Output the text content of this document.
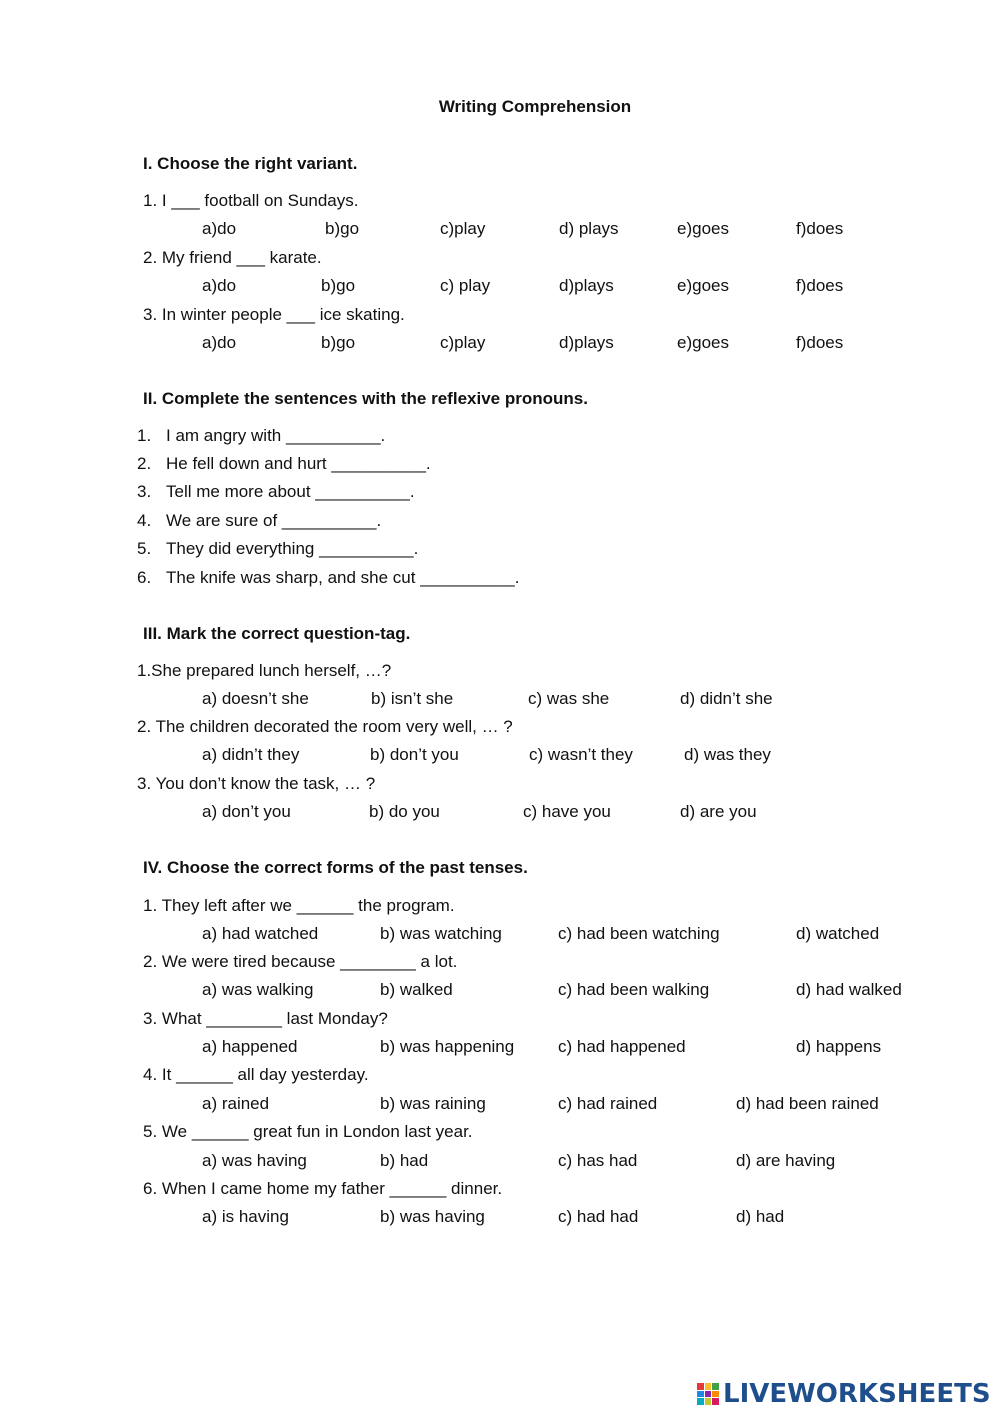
Writing Comprehension
I. Choose the right variant.
1. I ___ football on Sundays.
a)do	b)go	c)play	d) plays	e)goes	f)does
2. My friend ___ karate.
a)do	b)go	c) play	d)plays	e)goes	f)does
3. In winter people ___ ice skating.
a)do	b)go	c)play	d)plays	e)goes	f)does
II. Complete the sentences with the reflexive pronouns.
1. I am angry with __________.
2. He fell down and hurt __________.
3. Tell me more about __________.
4. We are sure of __________.
5. They did everything __________.
6. The knife was sharp, and she cut __________.
III. Mark the correct question-tag.
1.She prepared lunch herself, …?
a) doesn’t she	b) isn’t she	c) was she	d) didn’t she
2. The children decorated the room very well, … ?
a) didn’t they	b) don’t you	c) wasn’t they	d) was they
3. You don’t know the task, … ?
a) don’t you	b) do you	c) have you	d) are you
IV. Choose the correct forms of the past tenses.
1. They left after we ______ the program.
a) had watched	b) was watching	c) had been watching	d) watched
2. We were tired because ________ a lot.
a) was walking	b) walked	c) had been walking	d) had walked
3. What ________ last Monday?
a) happened	b) was happening	c) had happened	d) happens
4. It ______ all day yesterday.
a) rained	b) was raining	c) had rained	d) had been rained
5. We ______ great fun in London last year.
a) was having	b) had	c) has had	d) are having
6. When I came home my father ______ dinner.
a) is having	b) was having	c) had had	d) had
LIVEWORKSHEETS
